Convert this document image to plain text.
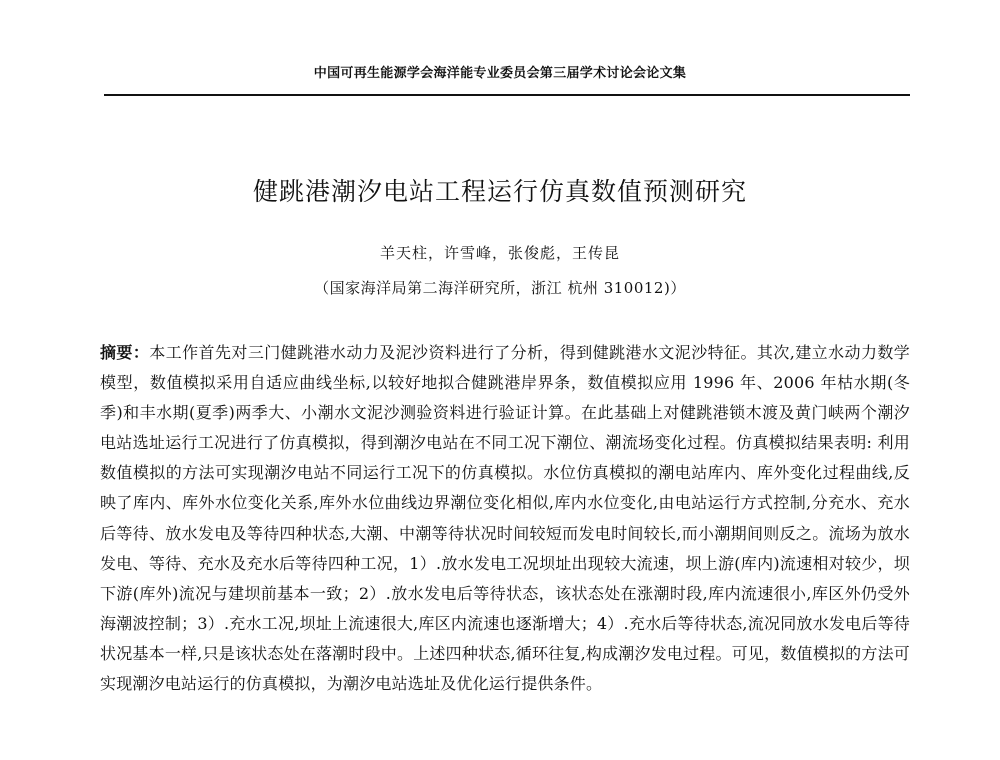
中国可再生能源学会海洋能专业委员会第三届学术讨论会论文集
健跳港潮汐电站工程运行仿真数值预测研究
羊天柱，许雪峰，张俊彪，王传昆
（国家海洋局第二海洋研究所，浙江 杭州 310012)）
摘要：本工作首先对三门健跳港水动力及泥沙资料进行了分析，得到健跳港水文泥沙特征。其次,建立水动力数学模型，数值模拟采用自适应曲线坐标,以较好地拟合健跳港岸界条，数值模拟应用 1996 年、2006 年枯水期(冬季)和丰水期(夏季)两季大、小潮水文泥沙测验资料进行验证计算。在此基础上对健跳港锁木渡及黄门峡两个潮汐电站选址运行工况进行了仿真模拟，得到潮汐电站在不同工况下潮位、潮流场变化过程。仿真模拟结果表明: 利用数值模拟的方法可实现潮汐电站不同运行工况下的仿真模拟。水位仿真模拟的潮电站库内、库外变化过程曲线,反映了库内、库外水位变化关系,库外水位曲线边界潮位变化相似,库内水位变化,由电站运行方式控制,分充水、充水后等待、放水发电及等待四种状态,大潮、中潮等待状况时间较短而发电时间较长,而小潮期间则反之。流场为放水发电、等待、充水及充水后等待四种工况，1）.放水发电工况坝址出现较大流速，坝上游(库内)流速相对较少，坝下游(库外)流况与建坝前基本一致；2）.放水发电后等待状态，该状态处在涨潮时段,库内流速很小,库区外仍受外海潮波控制；3）.充水工况,坝址上流速很大,库区内流速也逐渐增大；4）.充水后等待状态,流况同放水发电后等待状况基本一样,只是该状态处在落潮时段中。上述四种状态,循环往复,构成潮汐发电过程。可见，数值模拟的方法可实现潮汐电站运行的仿真模拟，为潮汐电站选址及优化运行提供条件。
